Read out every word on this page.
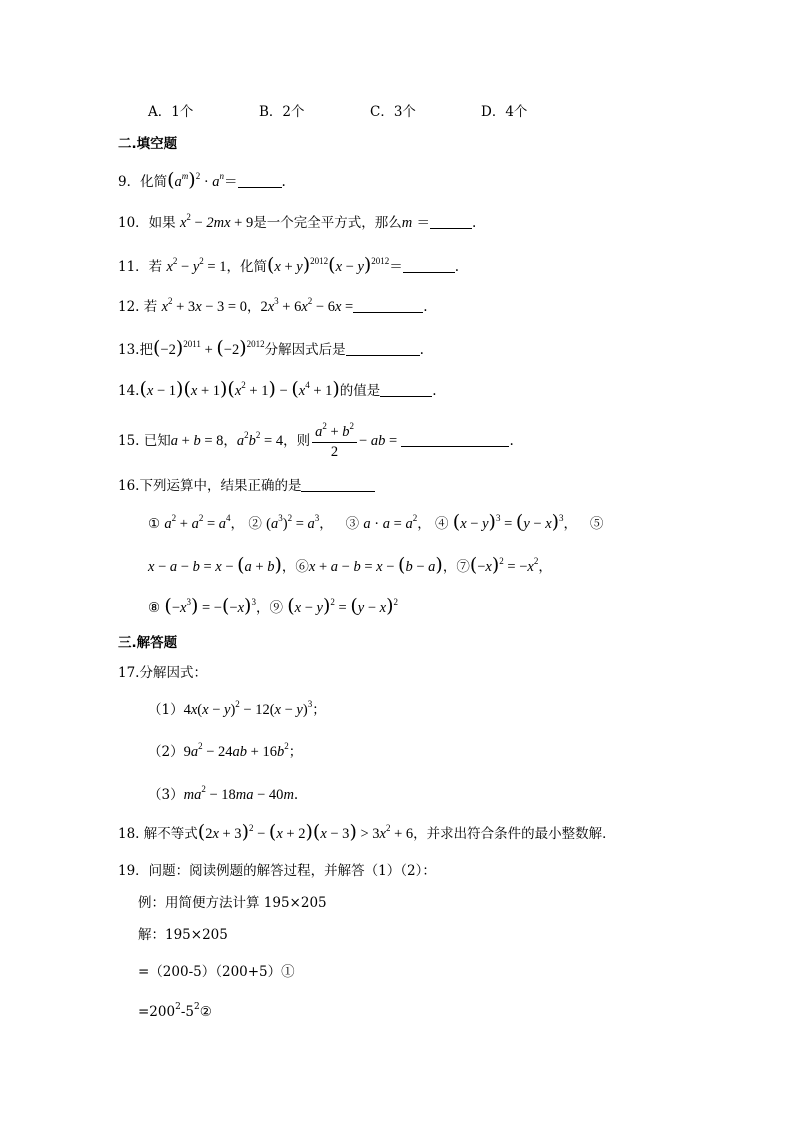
A．1个	B．2个	C．3个	D．4个
二.填空题
9．化简$(a^m)^2 \cdot a^n=$	.
10．如果 $x^2 - 2mx + 9$是一个完全平方式，那么m ＝	.
11．若 $x^2 - y^2 = 1$，化简$(x + y)^{2012}(x - y)^{2012}=$	.
12. 若 $x^2 + 3x - 3 = 0$，$2x^3 + 6x^2 - 6x$ =	.
13.把$(-2)^{2011} + (-2)^{2012}$分解因式后是	.
$14.(x - 1)(x + 1)(x^2 + 1) - (x^4 + 1)$的值是	.
15. 已知a + b = 8，$a^2b^2 = 4$，则 $\frac{a^2 + b^2}{2}$ − ab =	.
16.下列运算中，结果正确的是
① $a^2 + a^2 = a^4$， ② $(a^3)^2 = a^3$， ③ $a \cdot a = a^2$， ④ $(x - y)^3 = (y - x)^3$， ⑤
x − a − b = x − (a + b)，⑥x + a − b = x − (b − a)，$⑦(-x)^2 = -x^2$，
⑧ $(-x^3) = -(-x)^3$，⑨ $(x - y)^2 = (y - x)^2$
三.解答题
17.分解因式：
$(1)4x(x - y)^2 - 12(x - y)^3$；
$(2)9a^2 - 24ab + 16b^2$；
$(3)ma^2 - 18ma - 40m$.
18. 解不等式$(2x + 3)^2 - (x + 2)(x - 3) > 3x^2 + 6$，并求出符合条件的最小整数解．
19．问题：阅读例题的解答过程，并解答（1）（2）：
例：用简便方法计算 195×205
解：195×205
=（200-5）（200+5）①
$=200^2-5^2②$
